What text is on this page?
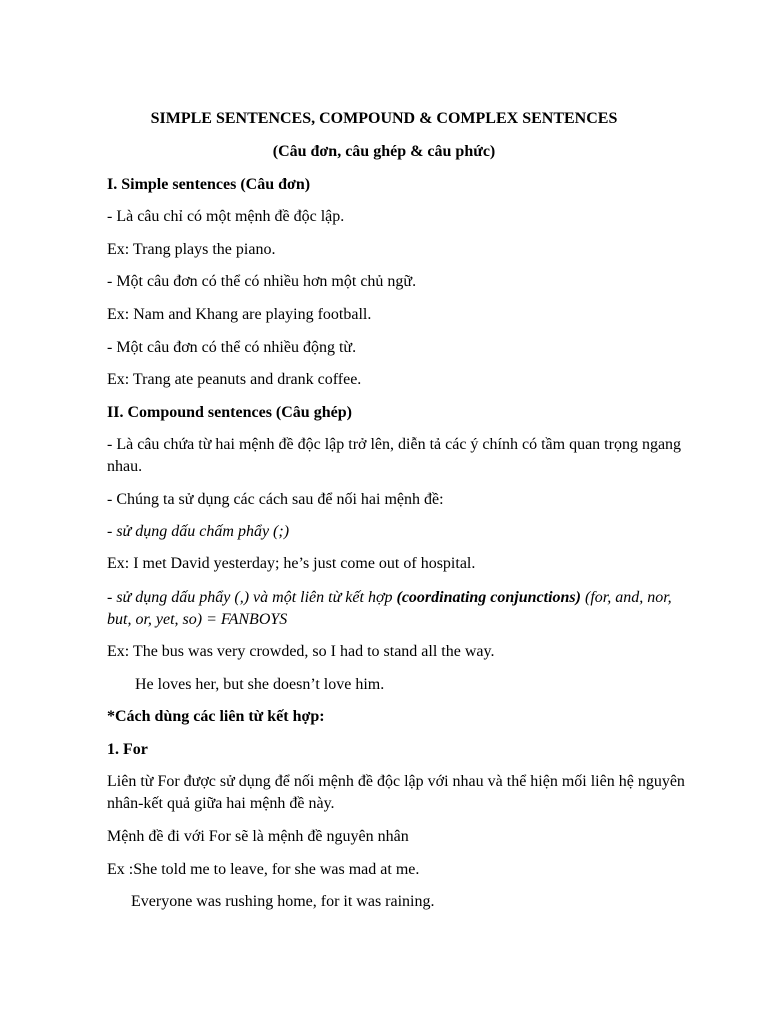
SIMPLE SENTENCES, COMPOUND & COMPLEX SENTENCES

(Câu đơn, câu ghép & câu phức)

I. Simple sentences (Câu đơn)

- Là câu chỉ có một mệnh đề độc lập.

Ex: Trang plays the piano.

- Một câu đơn có thể có nhiều hơn một chủ ngữ.

Ex: Nam and Khang are playing football.

- Một câu đơn có thể có nhiều động từ.

Ex: Trang ate peanuts and drank coffee.

II. Compound sentences (Câu ghép)

- Là câu chứa từ hai mệnh đề độc lập trở lên, diễn tả các ý chính có tầm quan trọng ngang nhau.

- Chúng ta sử dụng các cách sau để nối hai mệnh đề:

- sử dụng dấu chấm phẩy (;)

Ex: I met David yesterday; he’s just come out of hospital.

- sử dụng dấu phẩy (,) và một liên từ kết hợp (coordinating conjunctions) (for, and, nor, but, or, yet, so) = FANBOYS

Ex: The bus was very crowded, so I had to stand all the way.

He loves her, but she doesn’t love him.

*Cách dùng các liên từ kết hợp:

1. For

Liên từ For được sử dụng để nối mệnh đề độc lập với nhau và thể hiện mối liên hệ nguyên nhân-kết quả giữa hai mệnh đề này.

Mệnh đề đi với For sẽ là mệnh đề nguyên nhân

Ex :She told me to leave, for she was mad at me.

Everyone was rushing home, for it was raining.
